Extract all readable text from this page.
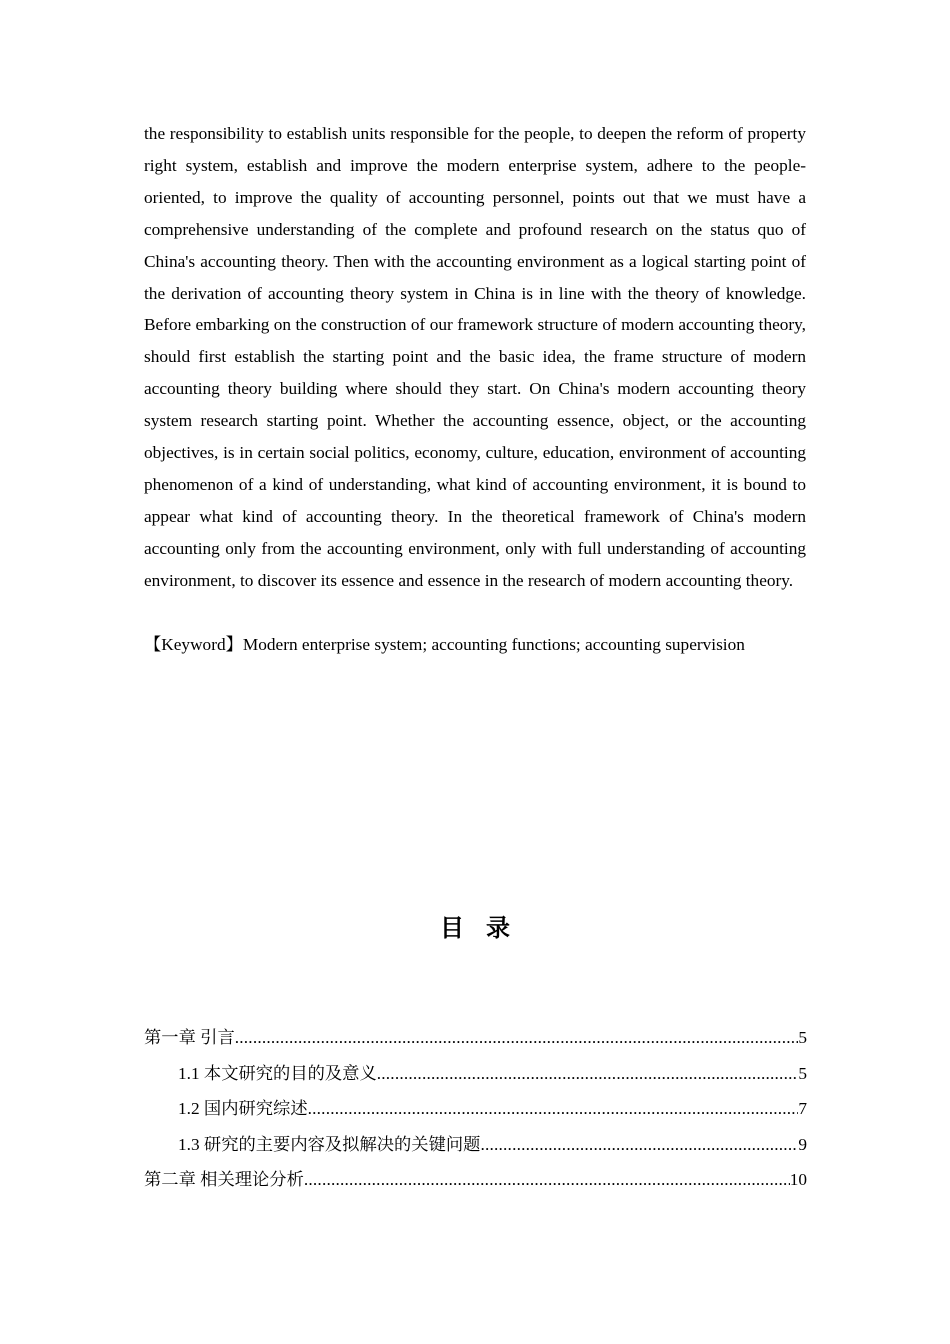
the responsibility to establish units responsible for the people, to deepen the reform of property right system, establish and improve the modern enterprise system, adhere to the people-oriented, to improve the quality of accounting personnel, points out that we must have a comprehensive understanding of the complete and profound research on the status quo of China's accounting theory. Then with the accounting environment as a logical starting point of the derivation of accounting theory system in China is in line with the theory of knowledge. Before embarking on the construction of our framework structure of modern accounting theory, should first establish the starting point and the basic idea, the frame structure of modern accounting theory building where should they start. On China's modern accounting theory system research starting point. Whether the accounting essence, object, or the accounting objectives, is in certain social politics, economy, culture, education, environment of accounting phenomenon of a kind of understanding, what kind of accounting environment, it is bound to appear what kind of accounting theory. In the theoretical framework of China's modern accounting only from the accounting environment, only with full understanding of accounting environment, to discover its essence and essence in the research of modern accounting theory.

【Keyword】Modern enterprise system; accounting functions; accounting supervision

目录
第一章 引言 .....	5
1.1 本文研究的目的及意义 .....	5
1.2 国内研究综述 .....	7
1.3 研究的主要内容及拟解决的关键问题 .....	9
第二章 相关理论分析 .....	10
